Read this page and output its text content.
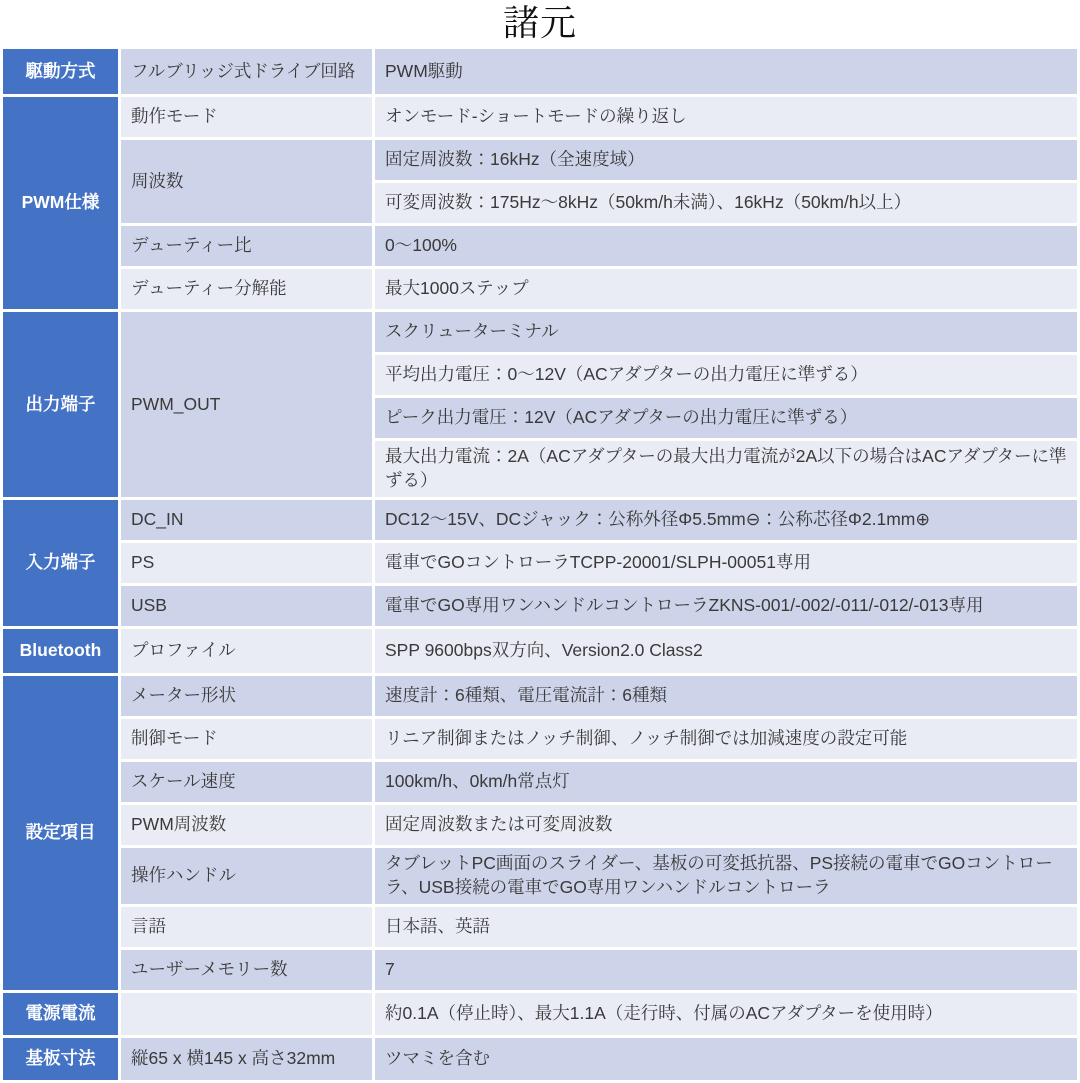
諸元
駆動方式	フルブリッジ式ドライブ回路	PWM駆動
PWM仕様	動作モード	オンモード-ショートモードの繰り返し
	周波数	固定周波数：16kHz（全速度域）
		可変周波数：175Hz～8kHz（50km/h未満）、16kHz（50km/h以上）
	デューティー比	0～100%
	デューティー分解能	最大1000ステップ
出力端子	PWM_OUT	スクリューターミナル
		平均出力電圧：0～12V（ACアダプターの出力電圧に準ずる）
		ピーク出力電圧：12V（ACアダプターの出力電圧に準ずる）
		最大出力電流：2A（ACアダプターの最大出力電流が2A以下の場合はACアダプターに準ずる）
入力端子	DC_IN	DC12～15V、DCジャック：公称外径Φ5.5mm⊖：公称芯径Φ2.1mm⊕
	PS	電車でGOコントローラTCPP-20001/SLPH-00051専用
	USB	電車でGO専用ワンハンドルコントローラZKNS-001/-002/-011/-012/-013専用
Bluetooth	プロファイル	SPP 9600bps双方向、Version2.0 Class2
設定項目	メーター形状	速度計：6種類、電圧電流計：6種類
	制御モード	リニア制御またはノッチ制御、ノッチ制御では加減速度の設定可能
	スケール速度	100km/h、0km/h常点灯
	PWM周波数	固定周波数または可変周波数
	操作ハンドル	タブレットPC画面のスライダー、基板の可変抵抗器、PS接続の電車でGOコントローラ、USB接続の電車でGO専用ワンハンドルコントローラ
	言語	日本語、英語
	ユーザーメモリー数	7
電源電流		約0.1A（停止時）、最大1.1A（走行時、付属のACアダプターを使用時）
基板寸法	縦65 x 横145 x 高さ32mm	ツマミを含む
